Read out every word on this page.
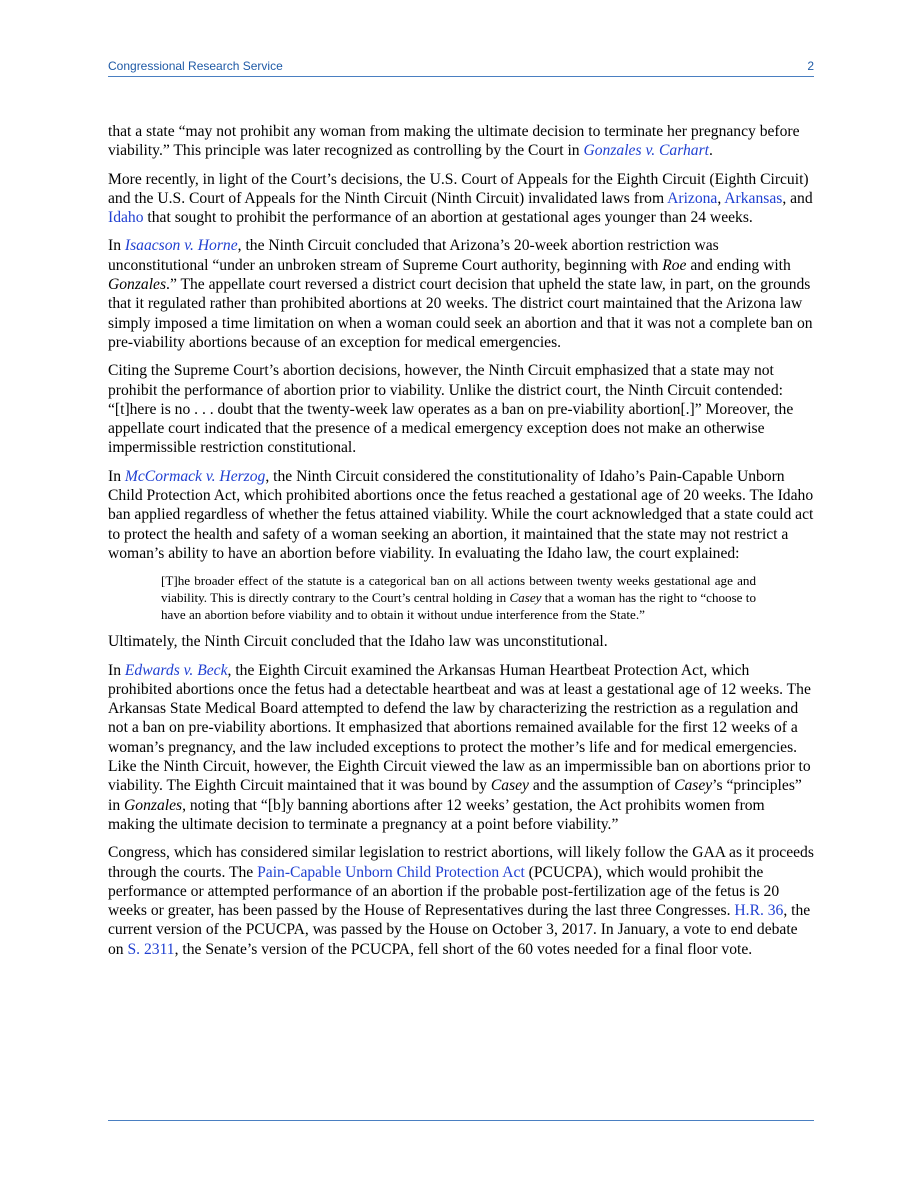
Congressional Research Service	2

that a state “may not prohibit any woman from making the ultimate decision to terminate her pregnancy before viability.” This principle was later recognized as controlling by the Court in Gonzales v. Carhart.

More recently, in light of the Court’s decisions, the U.S. Court of Appeals for the Eighth Circuit (Eighth Circuit) and the U.S. Court of Appeals for the Ninth Circuit (Ninth Circuit) invalidated laws from Arizona, Arkansas, and Idaho that sought to prohibit the performance of an abortion at gestational ages younger than 24 weeks.

In Isaacson v. Horne, the Ninth Circuit concluded that Arizona’s 20-week abortion restriction was unconstitutional “under an unbroken stream of Supreme Court authority, beginning with Roe and ending with Gonzales.” The appellate court reversed a district court decision that upheld the state law, in part, on the grounds that it regulated rather than prohibited abortions at 20 weeks. The district court maintained that the Arizona law simply imposed a time limitation on when a woman could seek an abortion and that it was not a complete ban on pre-viability abortions because of an exception for medical emergencies.

Citing the Supreme Court’s abortion decisions, however, the Ninth Circuit emphasized that a state may not prohibit the performance of abortion prior to viability. Unlike the district court, the Ninth Circuit contended: “[t]here is no . . . doubt that the twenty-week law operates as a ban on pre-viability abortion[.]” Moreover, the appellate court indicated that the presence of a medical emergency exception does not make an otherwise impermissible restriction constitutional.

In McCormack v. Herzog, the Ninth Circuit considered the constitutionality of Idaho’s Pain-Capable Unborn Child Protection Act, which prohibited abortions once the fetus reached a gestational age of 20 weeks. The Idaho ban applied regardless of whether the fetus attained viability. While the court acknowledged that a state could act to protect the health and safety of a woman seeking an abortion, it maintained that the state may not restrict a woman’s ability to have an abortion before viability. In evaluating the Idaho law, the court explained:

[T]he broader effect of the statute is a categorical ban on all actions between twenty weeks gestational age and viability. This is directly contrary to the Court’s central holding in Casey that a woman has the right to “choose to have an abortion before viability and to obtain it without undue interference from the State.”

Ultimately, the Ninth Circuit concluded that the Idaho law was unconstitutional.

In Edwards v. Beck, the Eighth Circuit examined the Arkansas Human Heartbeat Protection Act, which prohibited abortions once the fetus had a detectable heartbeat and was at least a gestational age of 12 weeks. The Arkansas State Medical Board attempted to defend the law by characterizing the restriction as a regulation and not a ban on pre-viability abortions. It emphasized that abortions remained available for the first 12 weeks of a woman’s pregnancy, and the law included exceptions to protect the mother’s life and for medical emergencies. Like the Ninth Circuit, however, the Eighth Circuit viewed the law as an impermissible ban on abortions prior to viability. The Eighth Circuit maintained that it was bound by Casey and the assumption of Casey’s “principles” in Gonzales, noting that “[b]y banning abortions after 12 weeks’ gestation, the Act prohibits women from making the ultimate decision to terminate a pregnancy at a point before viability.”

Congress, which has considered similar legislation to restrict abortions, will likely follow the GAA as it proceeds through the courts. The Pain-Capable Unborn Child Protection Act (PCUCPA), which would prohibit the performance or attempted performance of an abortion if the probable post-fertilization age of the fetus is 20 weeks or greater, has been passed by the House of Representatives during the last three Congresses. H.R. 36, the current version of the PCUCPA, was passed by the House on October 3, 2017. In January, a vote to end debate on S. 2311, the Senate’s version of the PCUCPA, fell short of the 60 votes needed for a final floor vote.
